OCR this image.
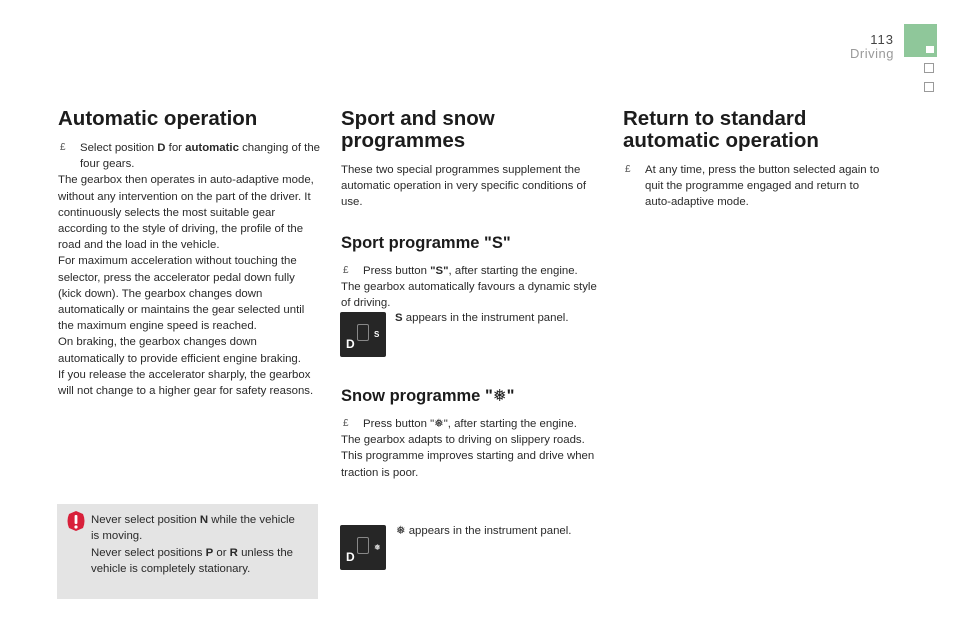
113
Driving
Automatic operation

£ Select position D for automatic changing of the four gears.

The gearbox then operates in auto-adaptive mode, without any intervention on the part of the driver. It continuously selects the most suitable gear according to the style of driving, the profile of the road and the load in the vehicle.

For maximum acceleration without touching the selector, press the accelerator pedal down fully (kick down). The gearbox changes down automatically or maintains the gear selected until the maximum engine speed is reached.

On braking, the gearbox changes down automatically to provide efficient engine braking.

If you release the accelerator sharply, the gearbox will not change to a higher gear for safety reasons.

Never select position N while the vehicle is moving.

Never select positions P or R unless the vehicle is completely stationary.

Sport and snow programmes

These two special programmes supplement the automatic operation in very specific conditions of use.

Sport programme "S"

£ Press button "S", after starting the engine.

The gearbox automatically favours a dynamic style of driving.

D
S
S appears in the instrument panel.
Snow programme "❅"

£ Press button "❅", after starting the engine.

The gearbox adapts to driving on slippery roads.

This programme improves starting and drive when traction is poor.

D
❅
❅ appears in the instrument panel.
Return to standard automatic operation

£ At any time, press the button selected again to quit the programme engaged and return to auto-adaptive mode.
